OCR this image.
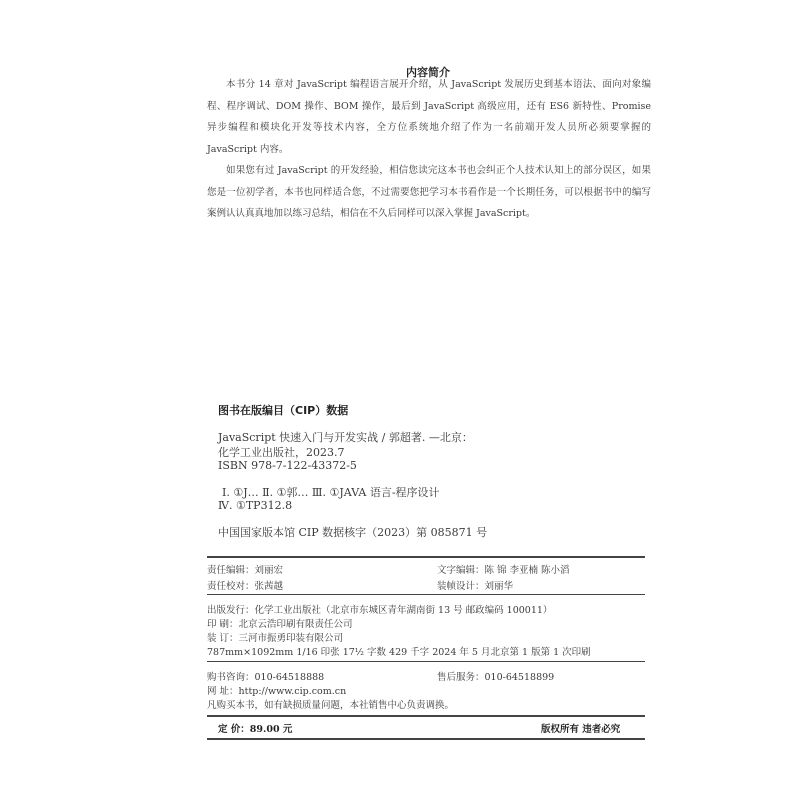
内容简介

本书分 14 章对 JavaScript 编程语言展开介绍，从 JavaScript 发展历史到基本语法、面向对象编程、程序调试、DOM 操作、BOM 操作，最后到 JavaScript 高级应用，还有 ES6 新特性、Promise 异步编程和模块化开发等技术内容，全方位系统地介绍了作为一名前端开发人员所必须要掌握的 JavaScript 内容。

如果您有过 JavaScript 的开发经验，相信您读完这本书也会纠正个人技术认知上的部分误区，如果您是一位初学者，本书也同样适合您，不过需要您把学习本书看作是一个长期任务，可以根据书中的编写案例认认真真地加以练习总结，相信在不久后同样可以深入掌握 JavaScript。

图书在版编目（CIP）数据
JavaScript 快速入门与开发实战 / 郭超著. —北京：
化学工业出版社，2023.7
ISBN 978-7-122-43372-5
Ⅰ. ①J… Ⅱ. ①郭… Ⅲ. ①JAVA 语言-程序设计
Ⅳ. ①TP312.8
中国国家版本馆 CIP 数据核字（2023）第 085871 号
责任编辑：刘丽宏
责任校对：张茜越
文字编辑：陈 锦 李亚楠 陈小滔
装帧设计：刘丽华
出版发行：化学工业出版社（北京市东城区青年湖南街 13 号 邮政编码 100011）
印 刷：北京云浩印刷有限责任公司
装 订：三河市振勇印装有限公司
787mm×1092mm 1/16 印张 17½ 字数 429 千字 2024 年 5 月北京第 1 版第 1 次印刷
购书咨询：010-64518888	售后服务：010-64518899
网 址：http://www.cip.com.cn
凡购买本书，如有缺损质量问题，本社销售中心负责调换。
定 价：89.00 元	版权所有 违者必究
